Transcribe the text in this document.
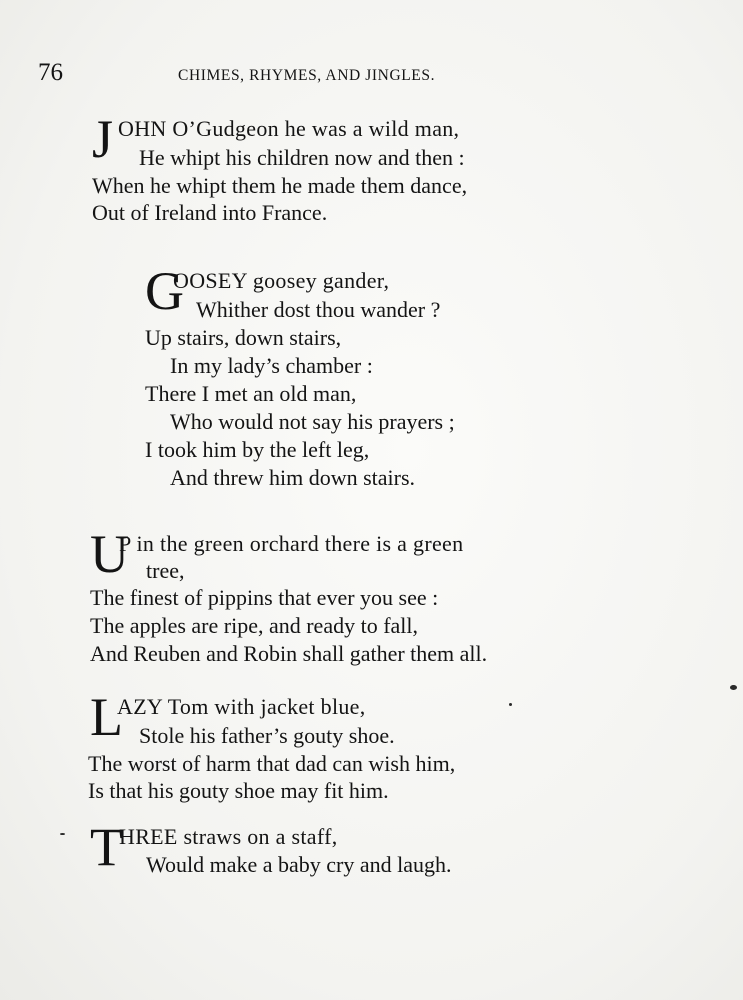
76	CHIMES, RHYMES, AND JINGLES.
J OHN O’Gudgeon he was a wild man,
He whipt his children now and then :
When he whipt them he made them dance,
Out of Ireland into France.
G
OOSEY goosey gander,
Whither dost thou wander ?
Up stairs, down stairs,
In my lady’s chamber :
There I met an old man,
Who would not say his prayers ;
I took him by the left leg,
And threw him down stairs.
U
P in the green orchard there is a green
tree,
The finest of pippins that ever you see :
The apples are ripe, and ready to fall,
And Reuben and Robin shall gather them all.
L
AZY Tom with jacket blue,
Stole his father’s gouty shoe.
The worst of harm that dad can wish him,
Is that his gouty shoe may fit him.
T
HREE straws on a staff,
Would make a baby cry and laugh.
